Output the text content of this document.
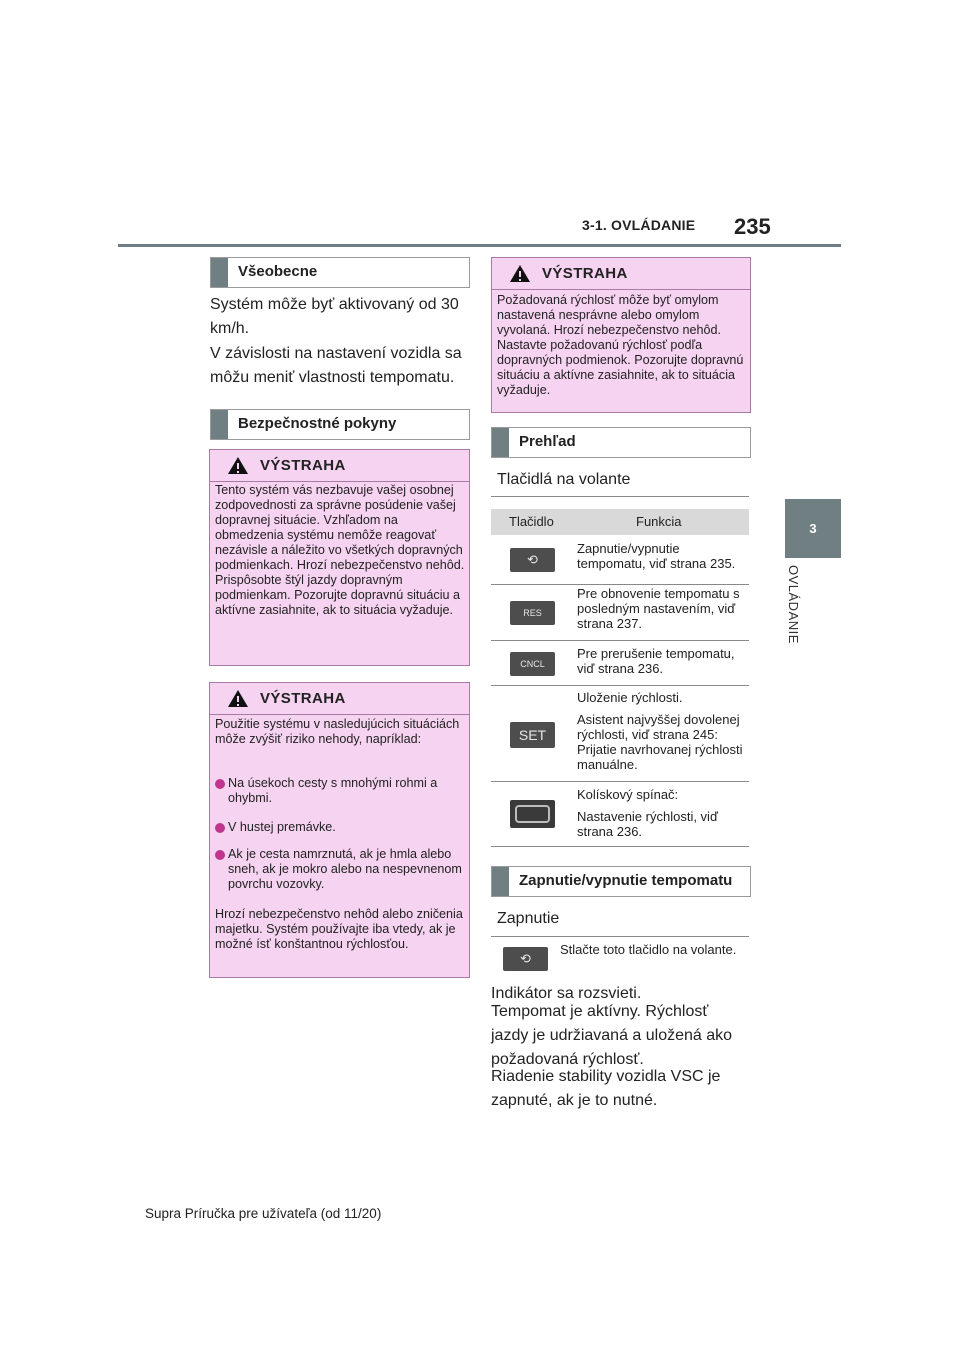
3-1. OVLÁDANIE 235
3
OVLÁDANIE
Všeobecne
Systém môže byť aktivovaný od 30 km/h.
V závislosti na nastavení vozidla sa môžu meniť vlastnosti tempomatu.
Bezpečnostné pokyny
VÝSTRAHA
Tento systém vás nezbavuje vašej osobnej zodpovednosti za správne posúdenie vašej dopravnej situácie. Vzhľadom na obmedzenia systému nemôže reagovať nezávisle a náležito vo všetkých dopravných podmienkach. Hrozí nebezpečenstvo nehôd. Prispôsobte štýl jazdy dopravným podmienkam. Pozorujte dopravnú situáciu a aktívne zasiahnite, ak to situácia vyžaduje.
VÝSTRAHA
Použitie systému v nasledujúcich situáciách môže zvýšiť riziko nehody, napríklad:
Na úsekoch cesty s mnohými rohmi a ohybmi.
V hustej premávke.
Ak je cesta namrznutá, ak je hmla alebo sneh, ak je mokro alebo na nespevnenom povrchu vozovky.
Hrozí nebezpečenstvo nehôd alebo zničenia majetku. Systém používajte iba vtedy, ak je možné ísť konštantnou rýchlosťou.
VÝSTRAHA
Požadovaná rýchlosť môže byť omylom nastavená nesprávne alebo omylom vyvolaná. Hrozí nebezpečenstvo nehôd. Nastavte požadovanú rýchlosť podľa dopravných podmienok. Pozorujte dopravnú situáciu a aktívne zasiahnite, ak to situácia vyžaduje.
Prehľad
Tlačidlá na volante
Tlačidlo	Funkcia
⟲
Zapnutie/vypnutie tempomatu, viď strana 235.
RES
Pre obnovenie tempomatu s posledným nastavením, viď strana 237.
CNCL
Pre prerušenie tempomatu, viď strana 236.
SET
Uloženie rýchlosti.
Asistent najvyššej dovolenej rýchlosti, viď strana 245: Prijatie navrhovanej rýchlosti manuálne.
Kolískový spínač:
Nastavenie rýchlosti, viď strana 236.
Zapnutie/vypnutie tempomatu
Zapnutie
⟲
Stlačte toto tlačidlo na volante.
Indikátor sa rozsvieti.
Tempomat je aktívny. Rýchlosť jazdy je udržiavaná a uložená ako požadovaná rýchlosť.
Riadenie stability vozidla VSC je zapnuté, ak je to nutné.
Supra Príručka pre užívateľa (od 11/20)
